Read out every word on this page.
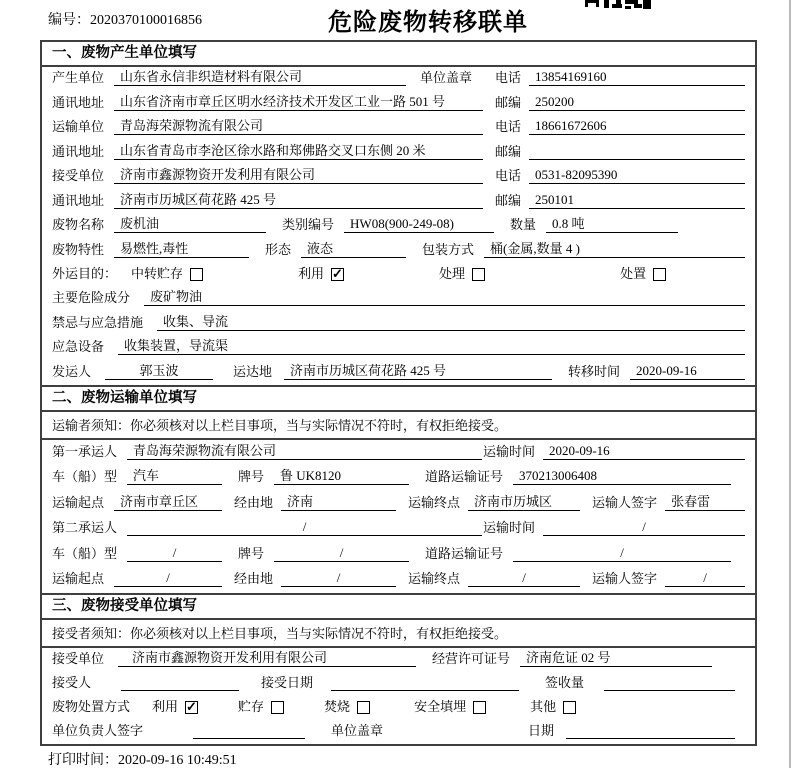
编号：2020370100016856	危险废物转移联单
一、废物产生单位填写
产生单位	山东省永信非织造材料有限公司	单位盖章 电话	13854169160
通讯地址	山东省济南市章丘区明水经济技术开发区工业一路 501 号	邮编	250200
运输单位	青岛海荣源物流有限公司	电话	18661672606
通讯地址	山东省青岛市李沧区徐水路和郑佛路交叉口东侧 20 米	邮编
接受单位	济南市鑫源物资开发利用有限公司	电话	0531-82095390
通讯地址	济南市历城区荷花路 425 号	邮编	250101
废物名称	废机油	类别编号	HW08(900-249-08)	数量	0.8 吨
废物特性	易燃性,毒性	形态	液态	包装方式	桶(金属,数量 4 )
外运目的： 中转贮存	利用 ✓	处理	处置
主要危险成分	废矿物油
禁忌与应急措施	收集、导流
应急设备	收集装置，导流渠
发运人	郭玉波	运达地	济南市历城区荷花路 425 号	转移时间	2020-09-16
二、废物运输单位填写
运输者须知：你必须核对以上栏目事项，当与实际情况不符时，有权拒绝接受。
第一承运人	青岛海荣源物流有限公司	运输时间	2020-09-16
车（船）型	汽车	牌号	鲁 UK8120	道路运输证号	370213006408
运输起点	济南市章丘区	经由地	济南	运输终点	济南市历城区	运输人签字	张春雷
第二承运人	/	运输时间	/
车（船）型	/	牌号	/	道路运输证号	/
运输起点	/	经由地	/	运输终点	/	运输人签字	/
三、废物接受单位填写
接受者须知：你必须核对以上栏目事项，当与实际情况不符时，有权拒绝接受。
接受单位	济南市鑫源物资开发利用有限公司	经营许可证号	济南危证 02 号
接受人	接受日期	签收量
废物处置方式 利用 ✓	贮存	焚烧	安全填埋	其他
单位负责人签字	单位盖章	日期
打印时间：2020-09-16 10:49:51
